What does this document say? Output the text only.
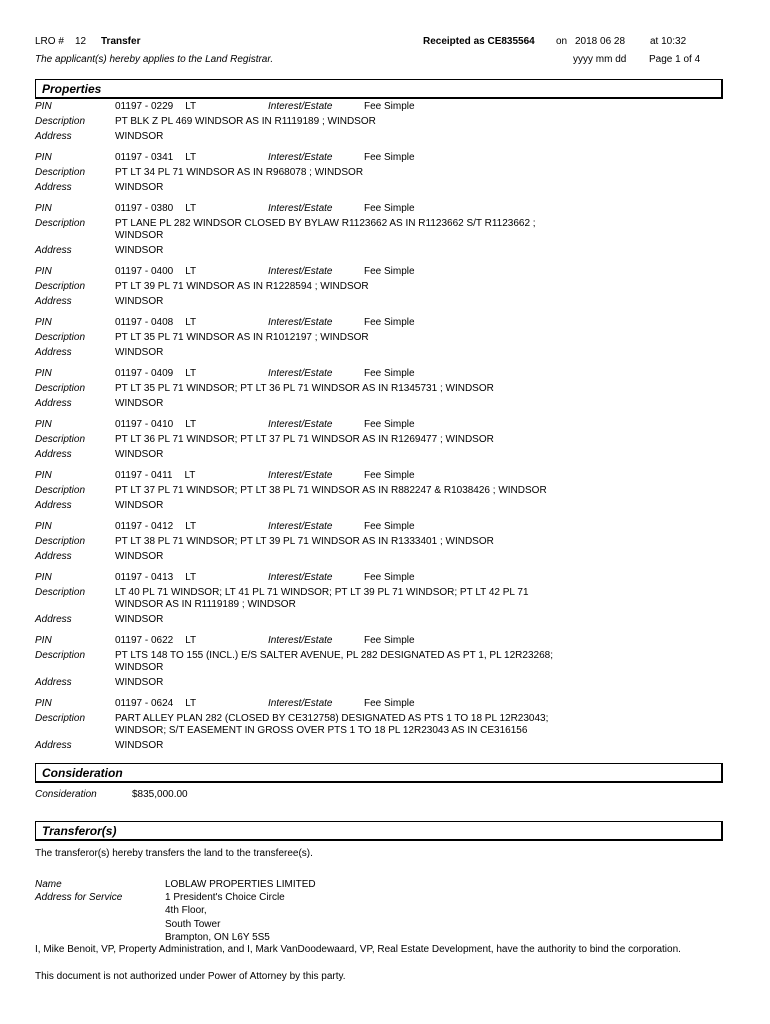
LRO # 12 Transfer	Receipted as CE835564 on 2018 06 28 at 10:32
The applicant(s) hereby applies to the Land Registrar.	yyyy mm dd Page 1 of 4
Properties
PIN	01197 - 0229 LT	Interest/Estate	Fee Simple
Description	PT BLK Z PL 469 WINDSOR AS IN R1119189 ; WINDSOR
Address	WINDSOR
PIN	01197 - 0341 LT	Interest/Estate	Fee Simple
Description	PT LT 34 PL 71 WINDSOR AS IN R968078 ; WINDSOR
Address	WINDSOR
PIN	01197 - 0380 LT	Interest/Estate	Fee Simple
Description	PT LANE PL 282 WINDSOR CLOSED BY BYLAW R1123662 AS IN R1123662 S/T R1123662 ; WINDSOR
Address	WINDSOR
PIN	01197 - 0400 LT	Interest/Estate	Fee Simple
Description	PT LT 39 PL 71 WINDSOR AS IN R1228594 ; WINDSOR
Address	WINDSOR
PIN	01197 - 0408 LT	Interest/Estate	Fee Simple
Description	PT LT 35 PL 71 WINDSOR AS IN R1012197 ; WINDSOR
Address	WINDSOR
PIN	01197 - 0409 LT	Interest/Estate	Fee Simple
Description	PT LT 35 PL 71 WINDSOR; PT LT 36 PL 71 WINDSOR AS IN R1345731 ; WINDSOR
Address	WINDSOR
PIN	01197 - 0410 LT	Interest/Estate	Fee Simple
Description	PT LT 36 PL 71 WINDSOR; PT LT 37 PL 71 WINDSOR AS IN R1269477 ; WINDSOR
Address	WINDSOR
PIN	01197 - 0411 LT	Interest/Estate	Fee Simple
Description	PT LT 37 PL 71 WINDSOR; PT LT 38 PL 71 WINDSOR AS IN R882247 & R1038426 ; WINDSOR
Address	WINDSOR
PIN	01197 - 0412 LT	Interest/Estate	Fee Simple
Description	PT LT 38 PL 71 WINDSOR; PT LT 39 PL 71 WINDSOR AS IN R1333401 ; WINDSOR
Address	WINDSOR
PIN	01197 - 0413 LT	Interest/Estate	Fee Simple
Description	LT 40 PL 71 WINDSOR; LT 41 PL 71 WINDSOR; PT LT 39 PL 71 WINDSOR; PT LT 42 PL 71 WINDSOR AS IN R1119189 ; WINDSOR
Address	WINDSOR
PIN	01197 - 0622 LT	Interest/Estate	Fee Simple
Description	PT LTS 148 TO 155 (INCL.) E/S SALTER AVENUE, PL 282 DESIGNATED AS PT 1, PL 12R23268; WINDSOR
Address	WINDSOR
PIN	01197 - 0624 LT	Interest/Estate	Fee Simple
Description	PART ALLEY PLAN 282 (CLOSED BY CE312758) DESIGNATED AS PTS 1 TO 18 PL 12R23043; WINDSOR; S/T EASEMENT IN GROSS OVER PTS 1 TO 18 PL 12R23043 AS IN CE316156
Address	WINDSOR
Consideration
Consideration	$835,000.00
Transferor(s)
The transferor(s) hereby transfers the land to the transferee(s).
Name	LOBLAW PROPERTIES LIMITED
Address for Service	1 President's Choice Circle
4th Floor,
South Tower
Brampton, ON L6Y 5S5
I, Mike Benoit, VP, Property Administration, and I, Mark VanDoodewaard, VP, Real Estate Development, have the authority to bind the corporation.
This document is not authorized under Power of Attorney by this party.
